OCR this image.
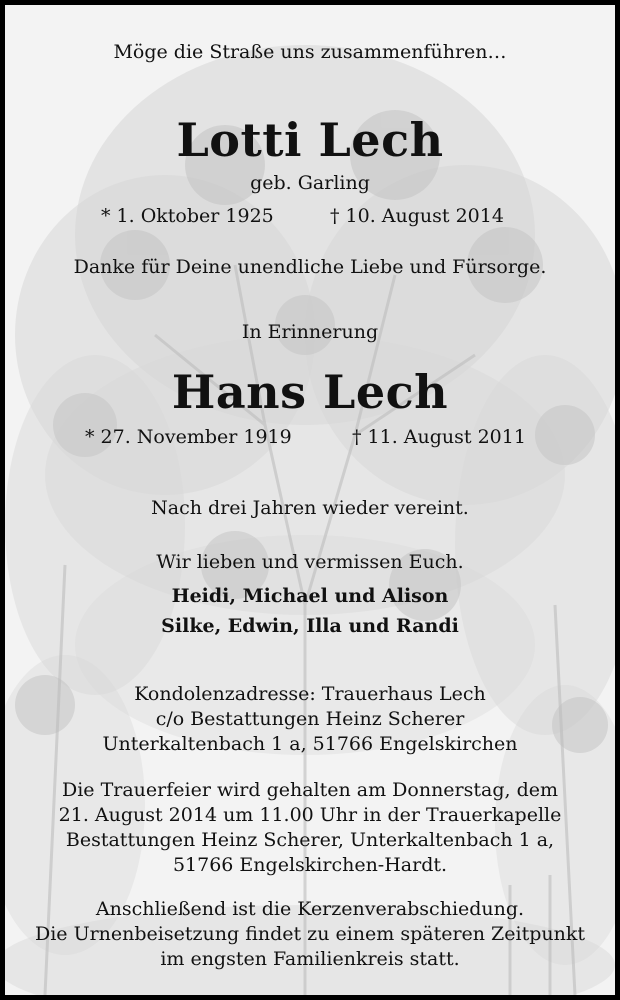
Möge die Straße uns zusammenführen…
Lotti Lech
geb. Garling
* 1. Oktober 1925	† 10. August 2014
Danke für Deine unendliche Liebe und Fürsorge.
In Erinnerung
Hans Lech
* 27. November 1919	† 11. August 2011
Nach drei Jahren wieder vereint.
Wir lieben und vermissen Euch.
Heidi, Michael und Alison
Silke, Edwin, Illa und Randi
Kondolenzadresse: Trauerhaus Lech
c/o Bestattungen Heinz Scherer
Unterkaltenbach 1 a, 51766 Engelskirchen
Die Trauerfeier wird gehalten am Donnerstag, dem
21. August 2014 um 11.00 Uhr in der Trauerkapelle
Bestattungen Heinz Scherer, Unterkaltenbach 1 a,
51766 Engelskirchen-Hardt.
Anschließend ist die Kerzenverabschiedung.
Die Urnenbeisetzung findet zu einem späteren Zeitpunkt
im engsten Familienkreis statt.
